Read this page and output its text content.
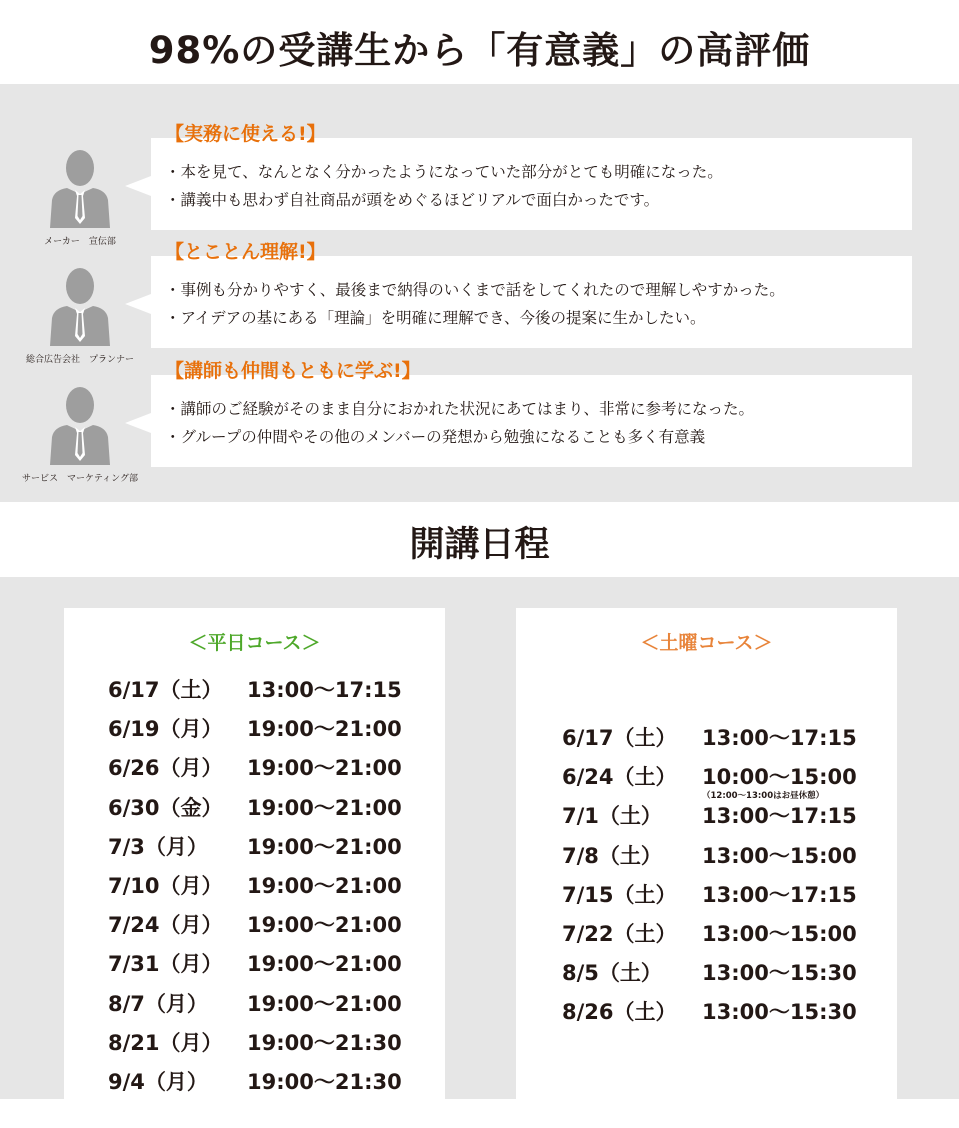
98%の受講生から「有意義」の高評価
メーカー　宣伝部
【実務に使える!】
・本を見て、なんとなく分かったようになっていた部分がとても明確になった。
・講義中も思わず自社商品が頭をめぐるほどリアルで面白かったです。
総合広告会社　プランナー
【とことん理解!】
・事例も分かりやすく、最後まで納得のいくまで話をしてくれたので理解しやすかった。
・アイデアの基にある「理論」を明確に理解でき、今後の提案に生かしたい。
サービス　マーケティング部
【講師も仲間もともに学ぶ!】
・講師のご経験がそのまま自分におかれた状況にあてはまり、非常に参考になった。
・グループの仲間やその他のメンバーの発想から勉強になることも多く有意義
開講日程
＜平日コース＞
6/17（土） 13:00～17:15
6/19（月） 19:00～21:00
6/26（月） 19:00～21:00
6/30（金） 19:00～21:00
7/3（月） 19:00～21:00
7/10（月） 19:00～21:00
7/24（月） 19:00～21:00
7/31（月） 19:00～21:00
8/7（月） 19:00～21:00
8/21（月） 19:00～21:30
9/4（月） 19:00～21:30
＜土曜コース＞
6/17（土） 13:00～17:15
6/24（土） 10:00～15:00
（12:00～13:00はお昼休憩）
7/1（土） 13:00～17:15
7/8（土） 13:00～15:00
7/15（土） 13:00～17:15
7/22（土） 13:00～15:00
8/5（土） 13:00～15:30
8/26（土） 13:00～15:30
